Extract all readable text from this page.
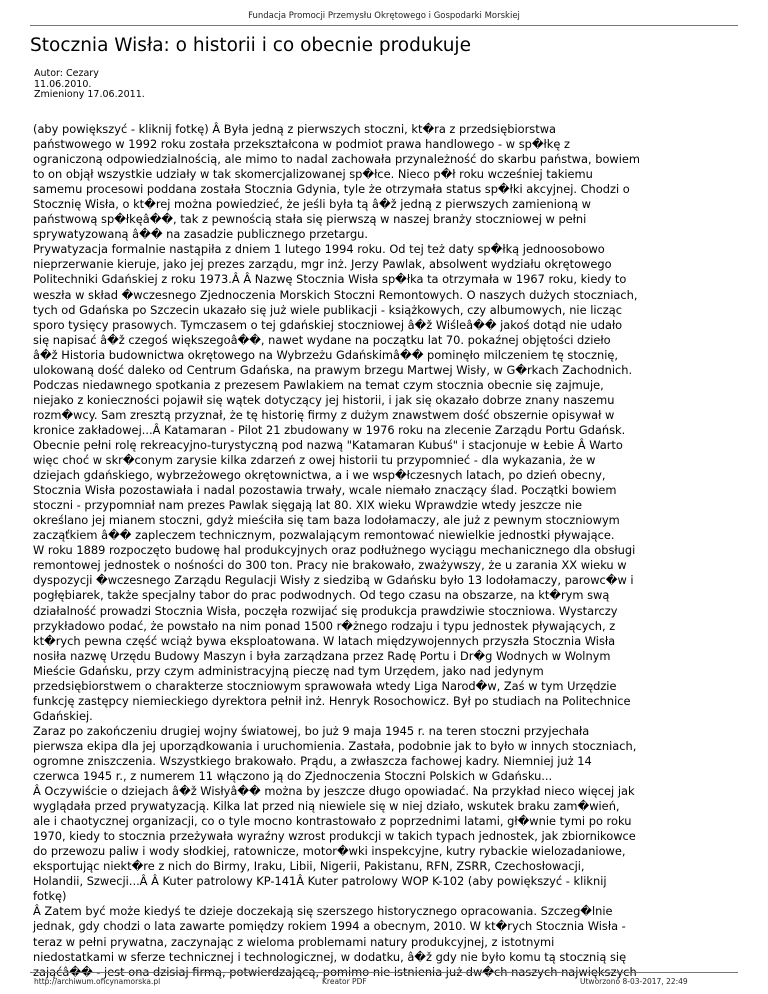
Fundacja Promocji Przemysłu Okrętowego i Gospodarki Morskiej
Stocznia Wisła: o historii i co obecnie produkuje
Autor: Cezary
11.06.2010.
Zmieniony 17.06.2011.
(aby powiększyć - kliknij fotkę) Â Była jedną z pierwszych stoczni, kt�ra z przedsiębiorstwa
państwowego w 1992 roku została przekształcona w podmiot prawa handlowego - w sp�łkę z
ograniczoną odpowiedzialnością, ale mimo to nadal zachowała przynależność do skarbu państwa, bowiem
to on objął wszystkie udziały w tak skomercjalizowanej sp�łce. Nieco p�ł roku wcześniej takiemu
samemu procesowi poddana została Stocznia Gdynia, tyle że otrzymała status sp�łki akcyjnej. Chodzi o
Stocznię Wisła, o kt�rej można powiedzieć, że jeśli była tą â�ž jedną z pierwszych zamienioną w
państwową sp�łkęâ��, tak z pewnością stała się pierwszą w naszej branży stoczniowej w pełni
sprywatyzowaną â�� na zasadzie publicznego przetargu.
Prywatyzacja formalnie nastąpiła z dniem 1 lutego 1994 roku. Od tej też daty sp�łką jednoosobowo
nieprzerwanie kieruje, jako jej prezes zarządu, mgr inż. Jerzy Pawlak, absolwent wydziału okrętowego
Politechniki Gdańskiej z roku 1973.Â Â Nazwę Stocznia Wisła sp�łka ta otrzymała w 1967 roku, kiedy to
weszła w skład �wczesnego Zjednoczenia Morskich Stoczni Remontowych. O naszych dużych stoczniach,
tych od Gdańska po Szczecin ukazało się już wiele publikacji - książkowych, czy albumowych, nie licząc
sporo tysięcy prasowych. Tymczasem o tej gdańskiej stoczniowej â�ž Wiśleâ�� jakoś dotąd nie udało
się napisać â�ž czegoś większegoâ��, nawet wydane na początku lat 70. pokaźnej objętości dzieło
â�ž Historia budownictwa okrętowego na Wybrzeżu Gdańskimâ�� pominęło milczeniem tę stocznię,
ulokowaną dość daleko od Centrum Gdańska, na prawym brzegu Martwej Wisły, w G�rkach Zachodnich.
Podczas niedawnego spotkania z prezesem Pawlakiem na temat czym stocznia obecnie się zajmuje,
niejako z konieczności pojawił się wątek dotyczący jej historii, i jak się okazało dobrze znany naszemu
rozm�wcy. Sam zresztą przyznał, że tę historię firmy z dużym znawstwem dość obszernie opisywał w
kronice zakładowej...Â Katamaran - Pilot 21 zbudowany w 1976 roku na zlecenie Zarządu Portu Gdańsk.
Obecnie pełni rolę rekreacyjno-turystyczną pod nazwą "Katamaran Kubuś" i stacjonuje w Łebie Â Warto
więc choć w skr�conym zarysie kilka zdarzeń z owej historii tu przypomnieć - dla wykazania, że w
dziejach gdańskiego, wybrzeżowego okrętownictwa, a i we wsp�łczesnych latach, po dzień obecny,
Stocznia Wisła pozostawiała i nadal pozostawia trwały, wcale niemało znaczący ślad. Początki bowiem
stoczni - przypomniał nam prezes Pawlak sięgają lat 80. XIX wieku Wprawdzie wtedy jeszcze nie
określano jej mianem stoczni, gdyż mieściła się tam baza lodołamaczy, ale już z pewnym stoczniowym
zacząťkiem â�� zapleczem technicznym, pozwalającym remontować niewielkie jednostki pływające.
W roku 1889 rozpoczęto budowę hal produkcyjnych oraz podłużnego wyciągu mechanicznego dla obsługi
remontowej jednostek o nośności do 300 ton. Pracy nie brakowało, zważywszy, że u zarania XX wieku w
dyspozycji �wczesnego Zarządu Regulacji Wisły z siedzibą w Gdańsku było 13 lodołamaczy, parowc�w i
pogłębiarek, także specjalny tabor do prac podwodnych. Od tego czasu na obszarze, na kt�rym swą
działalność prowadzi Stocznia Wisła, poczęła rozwijać się produkcja prawdziwie stoczniowa. Wystarczy
przykładowo podać, że powstało na nim ponad 1500 r�żnego rodzaju i typu jednostek pływających, z
kt�rych pewna część wciąż bywa eksploatowana. W latach międzywojennych przyszła Stocznia Wisła
nosiła nazwę Urzędu Budowy Maszyn i była zarządzana przez Radę Portu i Dr�g Wodnych w Wolnym
Mieście Gdańsku, przy czym administracyjną pieczę nad tym Urzędem, jako nad jedynym
przedsiębiorstwem o charakterze stoczniowym sprawowała wtedy Liga Narod�w, Zaś w tym Urzędzie
funkcję zastępcy niemieckiego dyrektora pełnił inż. Henryk Rosochowicz. Był po studiach na Politechnice
Gdańskiej.
Zaraz po zakończeniu drugiej wojny światowej, bo już 9 maja 1945 r. na teren stoczni przyjechała
pierwsza ekipa dla jej uporządkowania i uruchomienia. Zastała, podobnie jak to było w innych stoczniach,
ogromne zniszczenia. Wszystkiego brakowało. Prądu, a zwłaszcza fachowej kadry. Niemniej już 14
czerwca 1945 r., z numerem 11 włączono ją do Zjednoczenia Stoczni Polskich w Gdańsku...
Â Oczywiście o dziejach â�ž Wisłyâ�� można by jeszcze długo opowiadać. Na przykład nieco więcej jak
wyglądała przed prywatyzacją. Kilka lat przed nią niewiele się w niej działo, wskutek braku zam�wień,
ale i chaotycznej organizacji, co o tyle mocno kontrastowało z poprzednimi latami, gł�wnie tymi po roku
1970, kiedy to stocznia przeżywała wyraźny wzrost produkcji w takich typach jednostek, jak zbiornikowce
do przewozu paliw i wody słodkiej, ratownicze, motor�wki inspekcyjne, kutry rybackie wielozadaniowe,
eksportując niekt�re z nich do Birmy, Iraku, Libii, Nigerii, Pakistanu, RFN, ZSRR, Czechosłowacji,
Holandii, Szwecji...Â Â Kuter patrolowy KP-141Â Kuter patrolowy WOP K-102 (aby powiększyć - kliknij
fotkę)
Â Zatem być może kiedyś te dzieje doczekają się szerszego historycznego opracowania. Szczeg�lnie
jednak, gdy chodzi o lata zawarte pomiędzy rokiem 1994 a obecnym, 2010. W kt�rych Stocznia Wisła -
teraz w pełni prywatna, zaczynając z wieloma problemami natury produkcyjnej, z istotnymi
niedostatkami w sferze technicznej i technologicznej, w dodatku, â�ž gdy nie było komu tą stocznią się
zająćâ�� - jest ona dzisiaj firmą, potwierdzającą, pomimo nie istnienia już dw�ch naszych największych
http://archiwum.oficynamorska.pl	Kreator PDF	Utworzono 8-03-2017, 22:49
